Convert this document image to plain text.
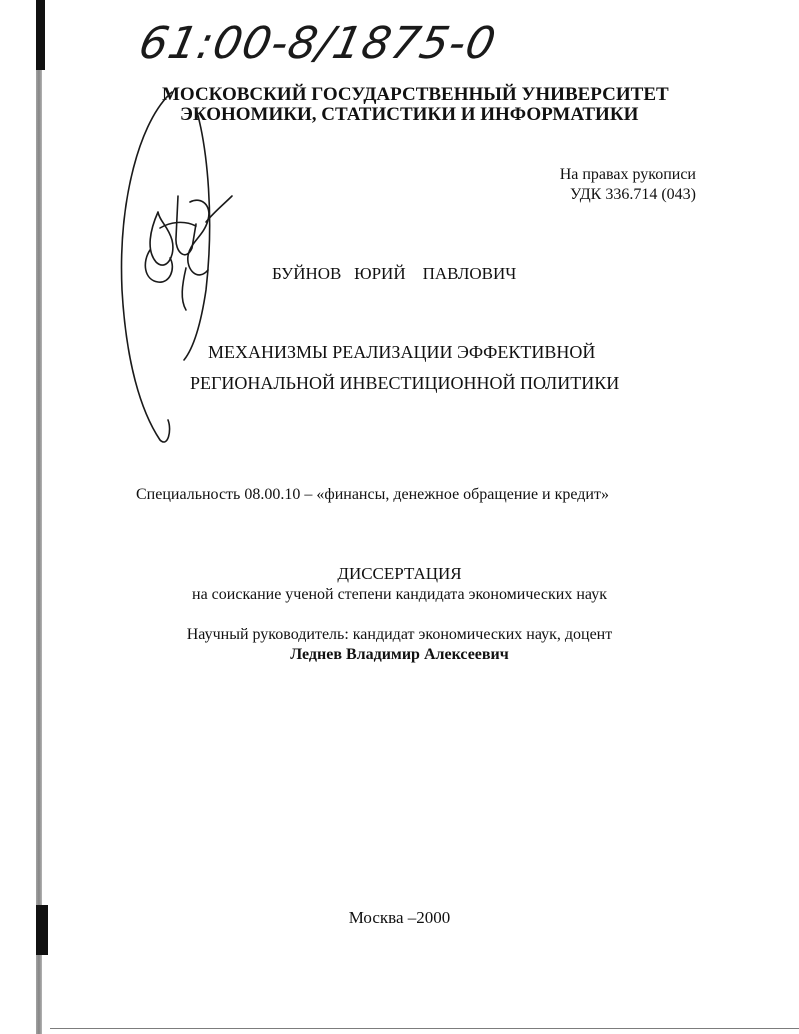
61:00-8/1875-0
МОСКОВСКИЙ ГОСУДАРСТВЕННЫЙ УНИВЕРСИТЕТ
ЭКОНОМИКИ, СТАТИСТИКИ И ИНФОРМАТИКИ
На правах рукописи
УДК 336.714 (043)
БУЙНОВ ЮРИЙ ПАВЛОВИЧ
МЕХАНИЗМЫ РЕАЛИЗАЦИИ ЭФФЕКТИВНОЙ
РЕГИОНАЛЬНОЙ ИНВЕСТИЦИОННОЙ ПОЛИТИКИ
Специальность 08.00.10 – «финансы, денежное обращение и кредит»
ДИССЕРТАЦИЯ
на соискание ученой степени кандидата экономических наук
Научный руководитель: кандидат экономических наук, доцент
Леднев Владимир Алексеевич
Москва –2000
